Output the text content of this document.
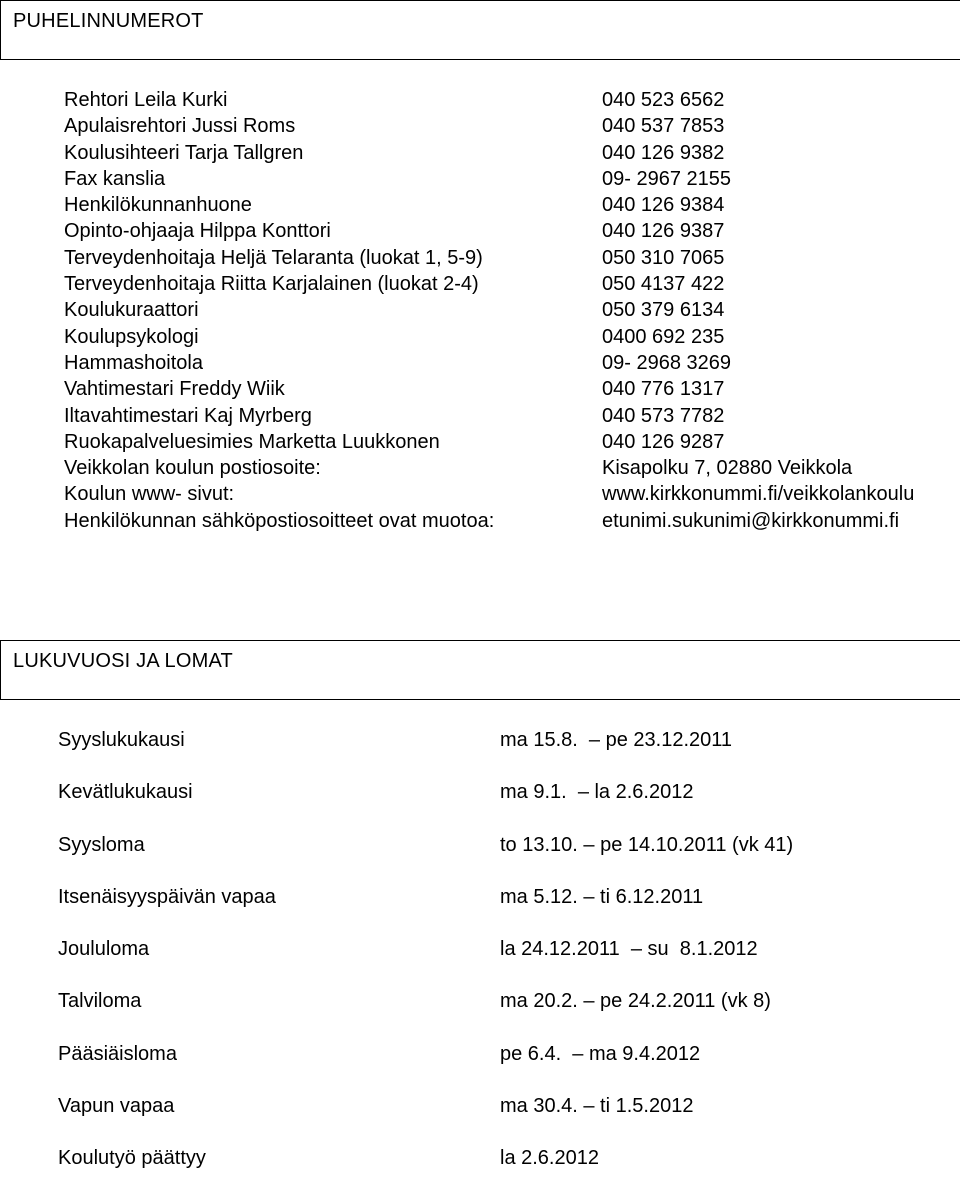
PUHELINNUMEROT
Rehtori Leila Kurki	040 523 6562
Apulaisrehtori Jussi Roms	040 537 7853
Koulusihteeri Tarja Tallgren	040 126 9382
Fax kanslia	09- 2967 2155
Henkilökunnanhuone	040 126 9384
Opinto-ohjaaja Hilppa Konttori	040 126 9387
Terveydenhoitaja Heljä Telaranta (luokat 1, 5-9)	050 310 7065
Terveydenhoitaja Riitta Karjalainen (luokat 2-4)	050 4137 422
Koulukuraattori	050 379 6134
Koulupsykologi	0400 692 235
Hammashoitola	09- 2968 3269
Vahtimestari Freddy Wiik	040 776 1317
Iltavahtimestari Kaj Myrberg	040 573 7782
Ruokapalveluesimies Marketta Luukkonen	040 126 9287
Veikkolan koulun postiosoite:	Kisapolku 7, 02880 Veikkola
Koulun www- sivut:	www.kirkkonummi.fi/veikkolankoulu
Henkilökunnan sähköpostiosoitteet ovat muotoa:	etunimi.sukunimi@kirkkonummi.fi
LUKUVUOSI JA LOMAT
Syyslukukausi	ma 15.8.  – pe 23.12.2011
Kevätlukukausi	ma 9.1.  – la 2.6.2012
Syysloma	to 13.10. – pe 14.10.2011 (vk 41)
Itsenäisyyspäivän vapaa	ma 5.12. – ti 6.12.2011
Joululoma	la 24.12.2011  – su  8.1.2012
Talviloma	ma 20.2. – pe 24.2.2011 (vk 8)
Pääsiäisloma	pe 6.4.  – ma 9.4.2012
Vapun vapaa	ma 30.4. – ti 1.5.2012
Koulutyö päättyy	la 2.6.2012
